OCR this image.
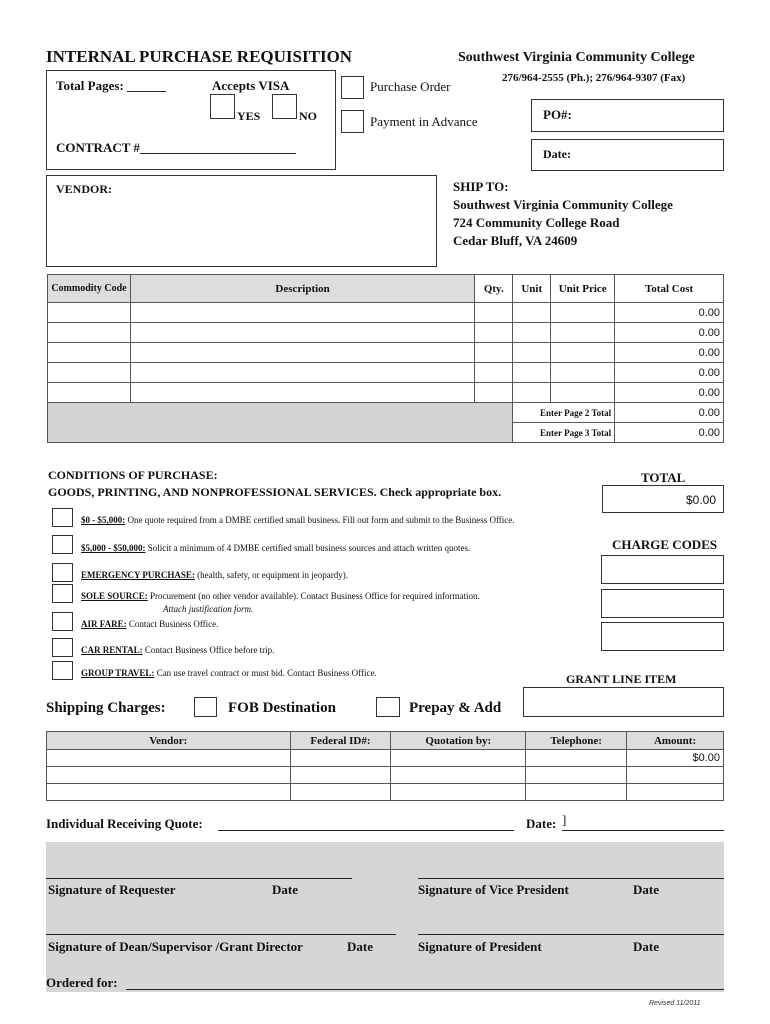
INTERNAL PURCHASE REQUISITION	Southwest Virginia Community College
276/964-2555 (Ph.); 276/964-9307 (Fax)
Total Pages: ______	Accepts VISA
YES	NO
CONTRACT #________________________
Purchase Order
Payment in Advance	PO#:
Date:
VENDOR:	SHIP TO:
Southwest Virginia Community College
724 Community College Road
Cedar Bluff, VA 24609
Commodity Code	Description	Qty.	Unit	Unit Price	Total Cost
					0.00
					0.00
					0.00
					0.00
					0.00
			Enter Page 2 Total		0.00
			Enter Page 3 Total		0.00
CONDITIONS OF PURCHASE:
GOODS, PRINTING, AND NONPROFESSIONAL SERVICES. Check appropriate box.
TOTAL
$0.00
$0 - $5,000: One quote required from a DMBE certified small business. Fill out form and submit to the Business Office.
$5,000 - $50,000: Solicit a minimum of 4 DMBE certified small business sources and attach written quotes.	CHARGE CODES
EMERGENCY PURCHASE: (health, safety, or equipment in jeopardy).
SOLE SOURCE: Procurement (no other vendor available). Contact Business Office for required information.
Attach justification form.
AIR FARE: Contact Business Office.
CAR RENTAL: Contact Business Office before trip.
GROUP TRAVEL: Can use travel contract or must bid. Contact Business Office.	GRANT LINE ITEM
Shipping Charges:	FOB Destination	Prepay & Add
Vendor:	Federal ID#:	Quotation by:	Telephone:	Amount:
				$0.00

Individual Receiving Quote:	Date: ]
Signature of Requester	Date	Signature of Vice President	Date
Signature of Dean/Supervisor /Grant Director	Date	Signature of President	Date
Ordered for:
Revised 11/2011
